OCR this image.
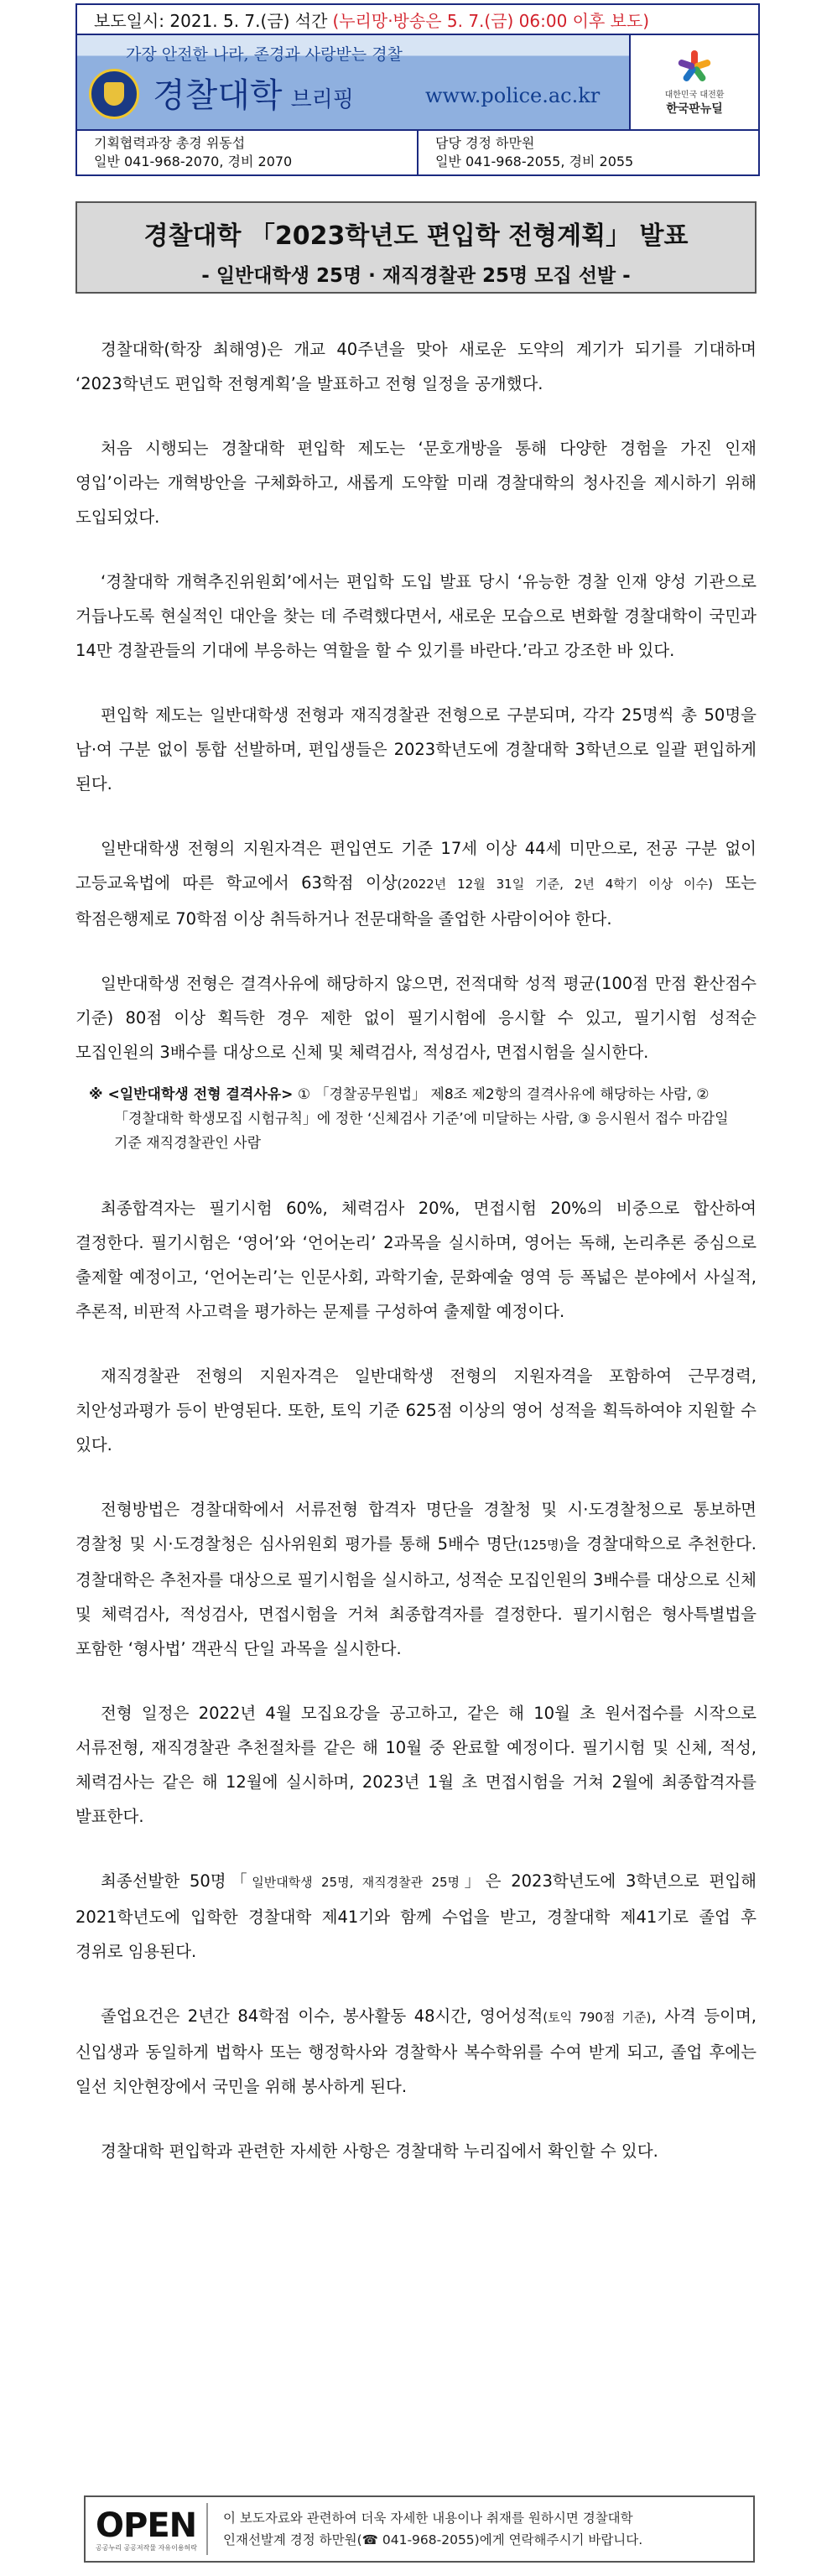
보도일시: 2021. 5. 7.(금) 석간 (누리망·방송은 5. 7.(금) 06:00 이후 보도)
가장 안전한 나라, 존경과 사랑받는 경찰
경찰대학 브리핑	www.police.ac.kr	대한민국 대전환
한국판뉴딜
기획협력과장 총경 위동섭
일반 041-968-2070, 경비 2070
담당 경정 하만원
일반 041-968-2055, 경비 2055
경찰대학 「2023학년도 편입학 전형계획」 발표
- 일반대학생 25명 · 재직경찰관 25명 모집 선발 -

경찰대학(학장 최해영)은 개교 40주년을 맞아 새로운 도약의 계기가 되기를 기대하며 ‘2023학년도 편입학 전형계획’을 발표하고 전형 일정을 공개했다.

처음 시행되는 경찰대학 편입학 제도는 ‘문호개방을 통해 다양한 경험을 가진 인재 영입’이라는 개혁방안을 구체화하고, 새롭게 도약할 미래 경찰대학의 청사진을 제시하기 위해 도입되었다.

‘경찰대학 개혁추진위원회’에서는 편입학 도입 발표 당시 ‘유능한 경찰 인재 양성 기관으로 거듭나도록 현실적인 대안을 찾는 데 주력했다면서, 새로운 모습으로 변화할 경찰대학이 국민과 14만 경찰관들의 기대에 부응하는 역할을 할 수 있기를 바란다.’라고 강조한 바 있다.

편입학 제도는 일반대학생 전형과 재직경찰관 전형으로 구분되며, 각각 25명씩 총 50명을 남·여 구분 없이 통합 선발하며, 편입생들은 2023학년도에 경찰대학 3학년으로 일괄 편입하게 된다.

일반대학생 전형의 지원자격은 편입연도 기준 17세 이상 44세 미만으로, 전공 구분 없이 고등교육법에 따른 학교에서 63학점 이상(2022년 12월 31일 기준, 2년 4학기 이상 이수) 또는 학점은행제로 70학점 이상 취득하거나 전문대학을 졸업한 사람이어야 한다.

일반대학생 전형은 결격사유에 해당하지 않으면, 전적대학 성적 평균(100점 만점 환산점수 기준) 80점 이상 획득한 경우 제한 없이 필기시험에 응시할 수 있고, 필기시험 성적순 모집인원의 3배수를 대상으로 신체 및 체력검사, 적성검사, 면접시험을 실시한다.

※ <일반대학생 전형 결격사유> ① 「경찰공무원법」 제8조 제2항의 결격사유에 해당하는 사람, ② 「경찰대학 학생모집 시험규칙」에 정한 ‘신체검사 기준’에 미달하는 사람, ③ 응시원서 접수 마감일 기준 재직경찰관인 사람

최종합격자는 필기시험 60%, 체력검사 20%, 면접시험 20%의 비중으로 합산하여 결정한다. 필기시험은 ‘영어’와 ‘언어논리’ 2과목을 실시하며, 영어는 독해, 논리추론 중심으로 출제할 예정이고, ‘언어논리’는 인문사회, 과학기술, 문화예술 영역 등 폭넓은 분야에서 사실적, 추론적, 비판적 사고력을 평가하는 문제를 구성하여 출제할 예정이다.

재직경찰관 전형의 지원자격은 일반대학생 전형의 지원자격을 포함하여 근무경력, 치안성과평가 등이 반영된다. 또한, 토익 기준 625점 이상의 영어 성적을 획득하여야 지원할 수 있다.

전형방법은 경찰대학에서 서류전형 합격자 명단을 경찰청 및 시·도경찰청으로 통보하면 경찰청 및 시·도경찰청은 심사위원회 평가를 통해 5배수 명단(125명)을 경찰대학으로 추천한다. 경찰대학은 추천자를 대상으로 필기시험을 실시하고, 성적순 모집인원의 3배수를 대상으로 신체 및 체력검사, 적성검사, 면접시험을 거쳐 최종합격자를 결정한다. 필기시험은 형사특별법을 포함한 ‘형사법’ 객관식 단일 과목을 실시한다.

전형 일정은 2022년 4월 모집요강을 공고하고, 같은 해 10월 초 원서접수를 시작으로 서류전형, 재직경찰관 추천절차를 같은 해 10월 중 완료할 예정이다. 필기시험 및 신체, 적성, 체력검사는 같은 해 12월에 실시하며, 2023년 1월 초 면접시험을 거쳐 2월에 최종합격자를 발표한다.

최종선발한 50명「일반대학생 25명, 재직경찰관 25명」은 2023학년도에 3학년으로 편입해 2021학년도에 입학한 경찰대학 제41기와 함께 수업을 받고, 경찰대학 제41기로 졸업 후 경위로 임용된다.

졸업요건은 2년간 84학점 이수, 봉사활동 48시간, 영어성적(토익 790점 기준), 사격 등이며, 신입생과 동일하게 법학사 또는 행정학사와 경찰학사 복수학위를 수여 받게 되고, 졸업 후에는 일선 치안현장에서 국민을 위해 봉사하게 된다.

경찰대학 편입학과 관련한 자세한 사항은 경찰대학 누리집에서 확인할 수 있다.

OPEN
공공누리 공공저작물 자유이용허락
이 보도자료와 관련하여 더욱 자세한 내용이나 취재를 원하시면 경찰대학
인재선발계 경정 하만원(☎ 041-968-2055)에게 연락해주시기 바랍니다.
